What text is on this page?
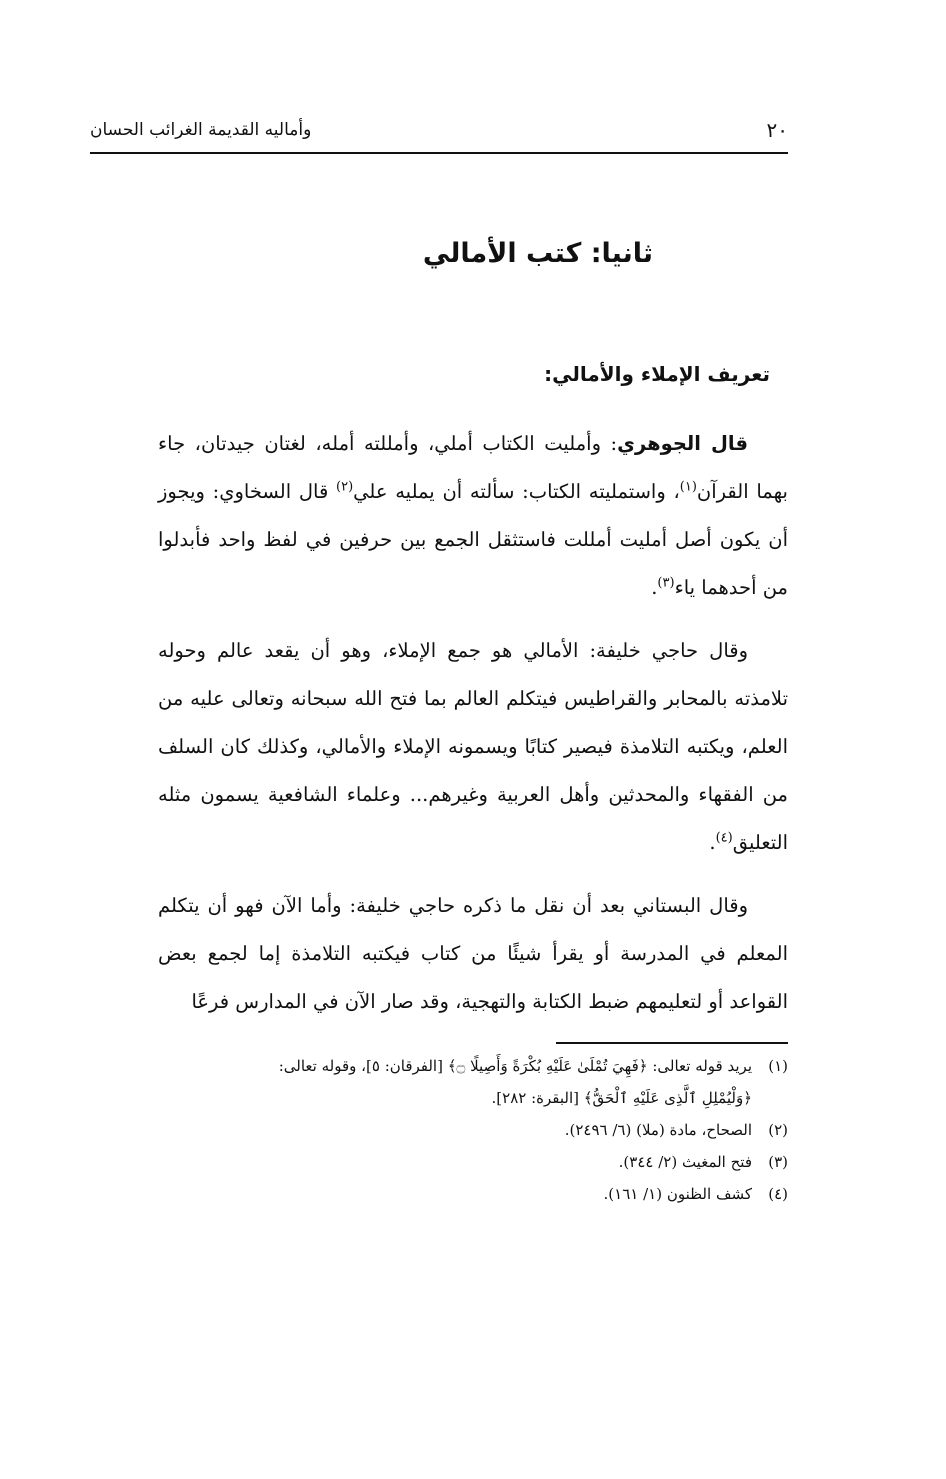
٢٠
وأماليه القديمة الغرائب الحسان
ثانيا: كتب الأمالي
تعريف الإملاء والأمالي:

قال الجوهري: وأمليت الكتاب أملي، وأمللته أمله، لغتان جيدتان، جاء بهما القرآن$^{(١)}$، واستمليته الكتاب: سألته أن يمليه علي$^{(٢)}$ قال السخاوي: ويجوز أن يكون أصل أمليت أمللت فاستثقل الجمع بين حرفين في لفظ واحد فأبدلوا من أحدهما ياء$^{(٣)}$.

وقال حاجي خليفة: الأمالي هو جمع الإملاء، وهو أن يقعد عالم وحوله تلامذته بالمحابر والقراطيس فيتكلم العالم بما فتح الله سبحانه وتعالى عليه من العلم، ويكتبه التلامذة فيصير كتابًا ويسمونه الإملاء والأمالي، وكذلك كان السلف من الفقهاء والمحدثين وأهل العربية وغيرهم... وعلماء الشافعية يسمون مثله التعليق$^{(٤)}$.

وقال البستاني بعد أن نقل ما ذكره حاجي خليفة: وأما الآن فهو أن يتكلم المعلم في المدرسة أو يقرأ شيئًا من كتاب فيكتبه التلامذة إما لجمع بعض القواعد أو لتعليمهم ضبط الكتابة والتهجية، وقد صار الآن في المدارس فرعًا

(١)يريد قوله تعالى: ﴿فَهِيَ تُمْلَىٰ عَلَيْهِ بُكْرَةً وَأَصِيلًا ۝﴾ [الفرقان: ٥]، وقوله تعالى:

﴿وَلْيُمْلِلِ ٱلَّذِى عَلَيْهِ ٱلْحَقُّ﴾ [البقرة: ٢٨٢].

(٢)الصحاح، مادة (ملا) (٦/ ٢٤٩٦).

(٣)فتح المغيث (٢/ ٣٤٤).

(٤)كشف الظنون (١/ ١٦١).
